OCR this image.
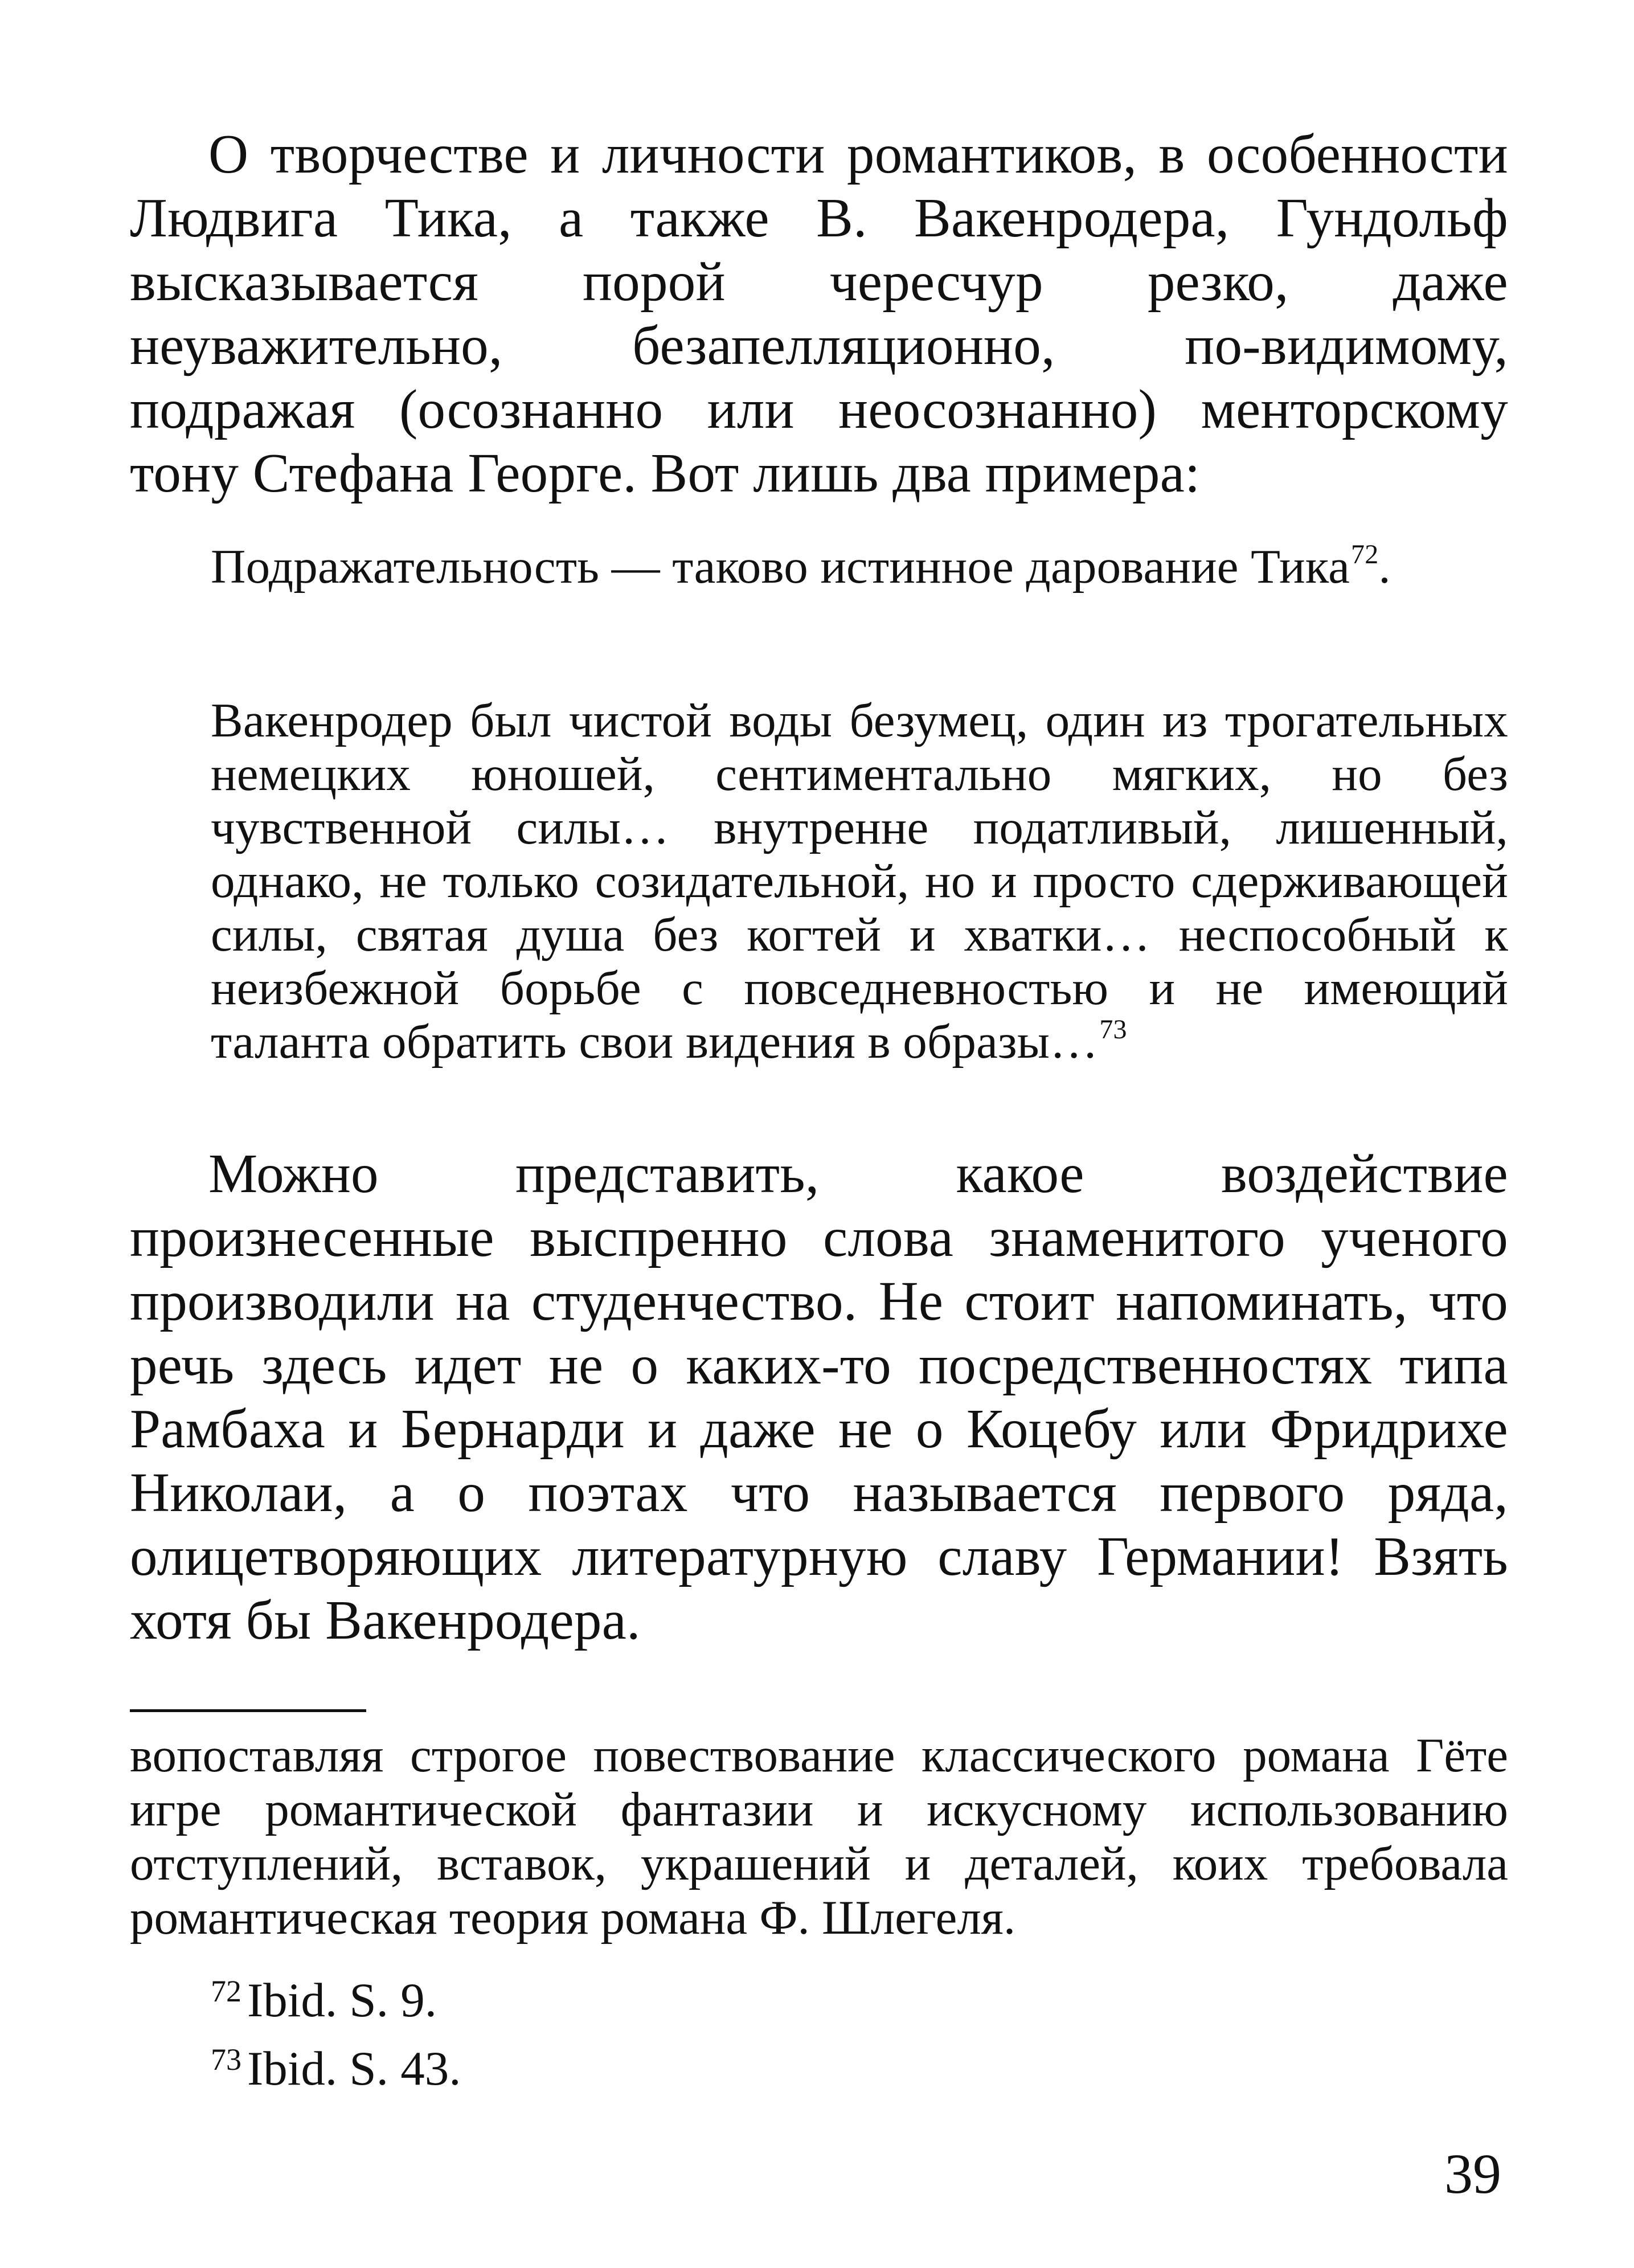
О творчестве и личности романтиков, в особенности Людвига Тика, а также В. Вакенродера, Гундольф высказывается порой чересчур резко, даже неуважительно, безапелляционно, по-видимому, подражая (осознанно или неосознанно) менторскому тону Стефана Георге. Вот лишь два примера:

Подражательность — таково истинное дарование Тика$^{72}$.

Вакенродер был чистой воды безумец, один из трогательных немецких юношей, сентиментально мягких, но без чувственной силы… внутренне податливый, лишенный, однако, не только созидательной, но и просто сдерживающей силы, святая душа без когтей и хватки… неспособный к неизбежной борьбе с повседневностью и не имеющий таланта обратить свои видения в образы…$^{73}$

Можно представить, какое воздействие произнесенные выспренно слова знаменитого ученого производили на студенчество. Не стоит напоминать, что речь здесь идет не о каких-то посредственностях типа Рамбаха и Бернарди и даже не о Коцебу или Фридрихе Николаи, а о поэтах что называется первого ряда, олицетворяющих литературную славу Германии! Взять хотя бы Вакенродера.

вопоставляя строгое повествование классического романа Гёте игре романтической фантазии и искусному использованию отступлений, вставок, украшений и деталей, коих требовала романтическая теория романа Ф. Шлегеля.

$^{72}$ Ibid. S. 9.

$^{73}$ Ibid. S. 43.

39
